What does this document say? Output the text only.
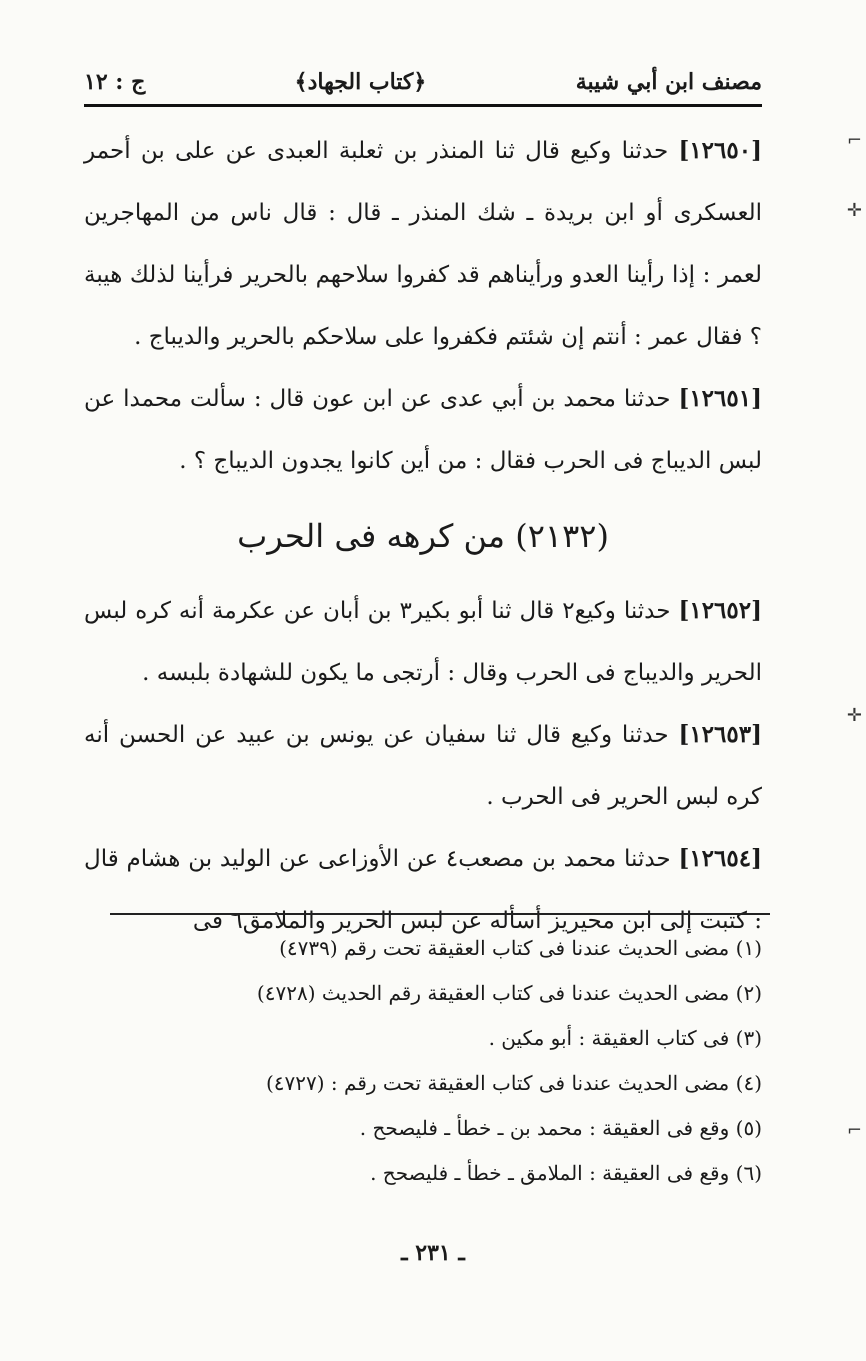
مصنف ابن أبي شيبة
﴿كتاب الجهاد﴾
ج : ١٢

[١٢٦٥٠] حدثنا وكيع قال ثنا المنذر بن ثعلبة العبدى عن على بن أحمر العسكرى أو ابن بريدة ـ شك المنذر ـ قال : قال ناس من المهاجرين لعمر : إذا رأينا العدو ورأيناهم قد كفروا سلاحهم بالحرير فرأينا لذلك هيبة ؟ فقال عمر : أنتم إن شئتم فكفروا على سلاحكم بالحرير والديباج .

[١٢٦٥١] حدثنا محمد بن أبي عدى عن ابن عون قال : سألت محمدا عن لبس الديباج فى الحرب فقال : من أين كانوا يجدون الديباج ؟ .

(٢١٣٢) من كرهه فى الحرب

[١٢٦٥٢] حدثنا وكيع٢ قال ثنا أبو بكير٣ بن أبان عن عكرمة أنه كره لبس الحرير والديباج فى الحرب وقال : أرتجى ما يكون للشهادة بلبسه .

[١٢٦٥٣] حدثنا وكيع قال ثنا سفيان عن يونس بن عبيد عن الحسن أنه كره لبس الحرير فى الحرب .

[١٢٦٥٤] حدثنا محمد بن مصعب٤ عن الأوزاعى عن الوليد بن هشام قال : كتبت إلى ابن محيريز أسأله عن لبس الحرير والملامق٦ فى

(١) مضى الحديث عندنا فى كتاب العقيقة تحت رقم (٤٧٣٩)

(٢) مضى الحديث عندنا فى كتاب العقيقة رقم الحديث (٤٧٢٨)

(٣) فى كتاب العقيقة : أبو مكين .

(٤) مضى الحديث عندنا فى كتاب العقيقة تحت رقم : (٤٧٢٧)

(٥) وقع فى العقيقة : محمد بن ـ خطأ ـ فليصحح .

(٦) وقع فى العقيقة : الملامق ـ خطأ ـ فليصحح .

ـ ٢٣١ ـ
⌐
✛
✛
⌐
